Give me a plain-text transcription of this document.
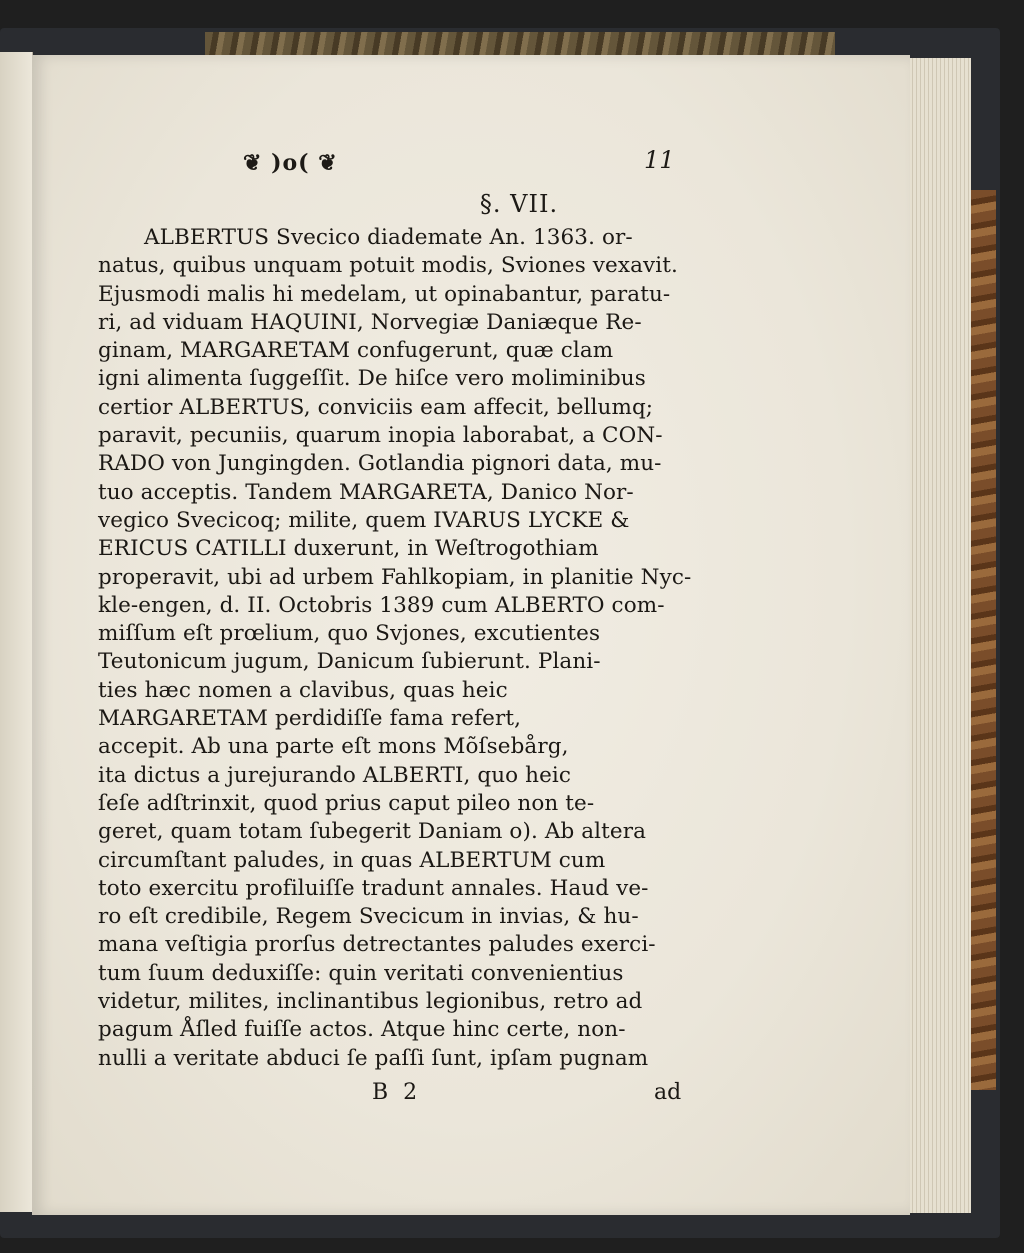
❦ )o( ❦	11
§. VII.
ALBERTUS Svecico diademate An. 1363. or-
natus, quibus unquam potuit modis, Sviones vexavit.
Ejusmodi malis hi medelam, ut opinabantur, paratu-
ri, ad viduam HAQUINI, Norvegiæ Daniæque Re-
ginam, MARGARETAM confugerunt, quæ clam
igni alimenta ſuggeſſit. De hiſce vero moliminibus
certior ALBERTUS, conviciis eam affecit, bellumq;
paravit, pecuniis, quarum inopia laborabat, a CON-
RADO von Jungingden. Gotlandia pignori data, mu-
tuo acceptis. Tandem MARGARETA, Danico Nor-
vegico Svecicoq; milite, quem IVARUS LYCKE &
ERICUS CATILLI duxerunt, in Weſtrogothiam
properavit, ubi ad urbem Fahlkopiam, in planitie Nyc-
kle-engen, d. II. Octobris 1389 cum ALBERTO com-
miſſum eſt prœlium, quo Svjones, excutientes
Teutonicum jugum, Danicum ſubierunt. Plani-
ties hæc nomen a clavibus, quas heic
MARGARETAM perdidiſſe fama refert,
accepit. Ab una parte eſt mons Mõſsebårg,
ita dictus a jurejurando ALBERTI, quo heic
ſeſe adſtrinxit, quod prius caput pileo non te-
geret, quam totam ſubegerit Daniam o). Ab altera
circumſtant paludes, in quas ALBERTUM cum
toto exercitu profiluiſſe tradunt annales. Haud ve-
ro eſt credibile, Regem Svecicum in invias, & hu-
mana veſtigia prorſus detrectantes paludes exerci-
tum ſuum deduxiſſe: quin veritati convenientius
videtur, milites, inclinantibus legionibus, retro ad
pagum Åſled fuiſſe actos. Atque hinc certe, non-
nulli a veritate abduci ſe paſſi ſunt, ipſam pugnam
B 2	ad
